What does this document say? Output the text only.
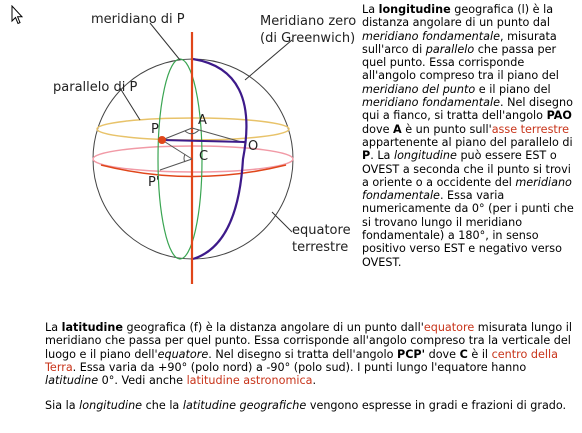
meridiano di P	Meridiano zero
(di Greenwich)
parallelo di P
equatore
terrestre
P
A
O
C
P'
La longitudine geografica (l) è la distanza angolare di un punto dal meridiano fondamentale, misurata sull'arco di parallelo che passa per quel punto. Essa corrisponde all'angolo compreso tra il piano del meridiano del punto e il piano del meridiano fondamentale. Nel disegno qui a fianco, si tratta dell'angolo PAO dove A è un punto sull'asse terrestre appartenente al piano del parallelo di P. La longitudine può essere EST o OVEST a seconda che il punto si trovi a oriente o a occidente del meridiano fondamentale. Essa varia numericamente da 0° (per i punti che si trovano lungo il meridiano fondamentale) a 180°, in senso positivo verso EST e negativo verso OVEST.

La latitudine geografica (f) è la distanza angolare di un punto dall'equatore misurata lungo il meridiano che passa per quel punto. Essa corrisponde all'angolo compreso tra la verticale del luogo e il piano dell'equatore. Nel disegno si tratta dell'angolo PCP' dove C è il centro della Terra. Essa varia da +90° (polo nord) a -90° (polo sud). I punti lungo l'equatore hanno latitudine 0°. Vedi anche latitudine astronomica.

Sia la longitudine che la latitudine geografiche vengono espresse in gradi e frazioni di grado.
